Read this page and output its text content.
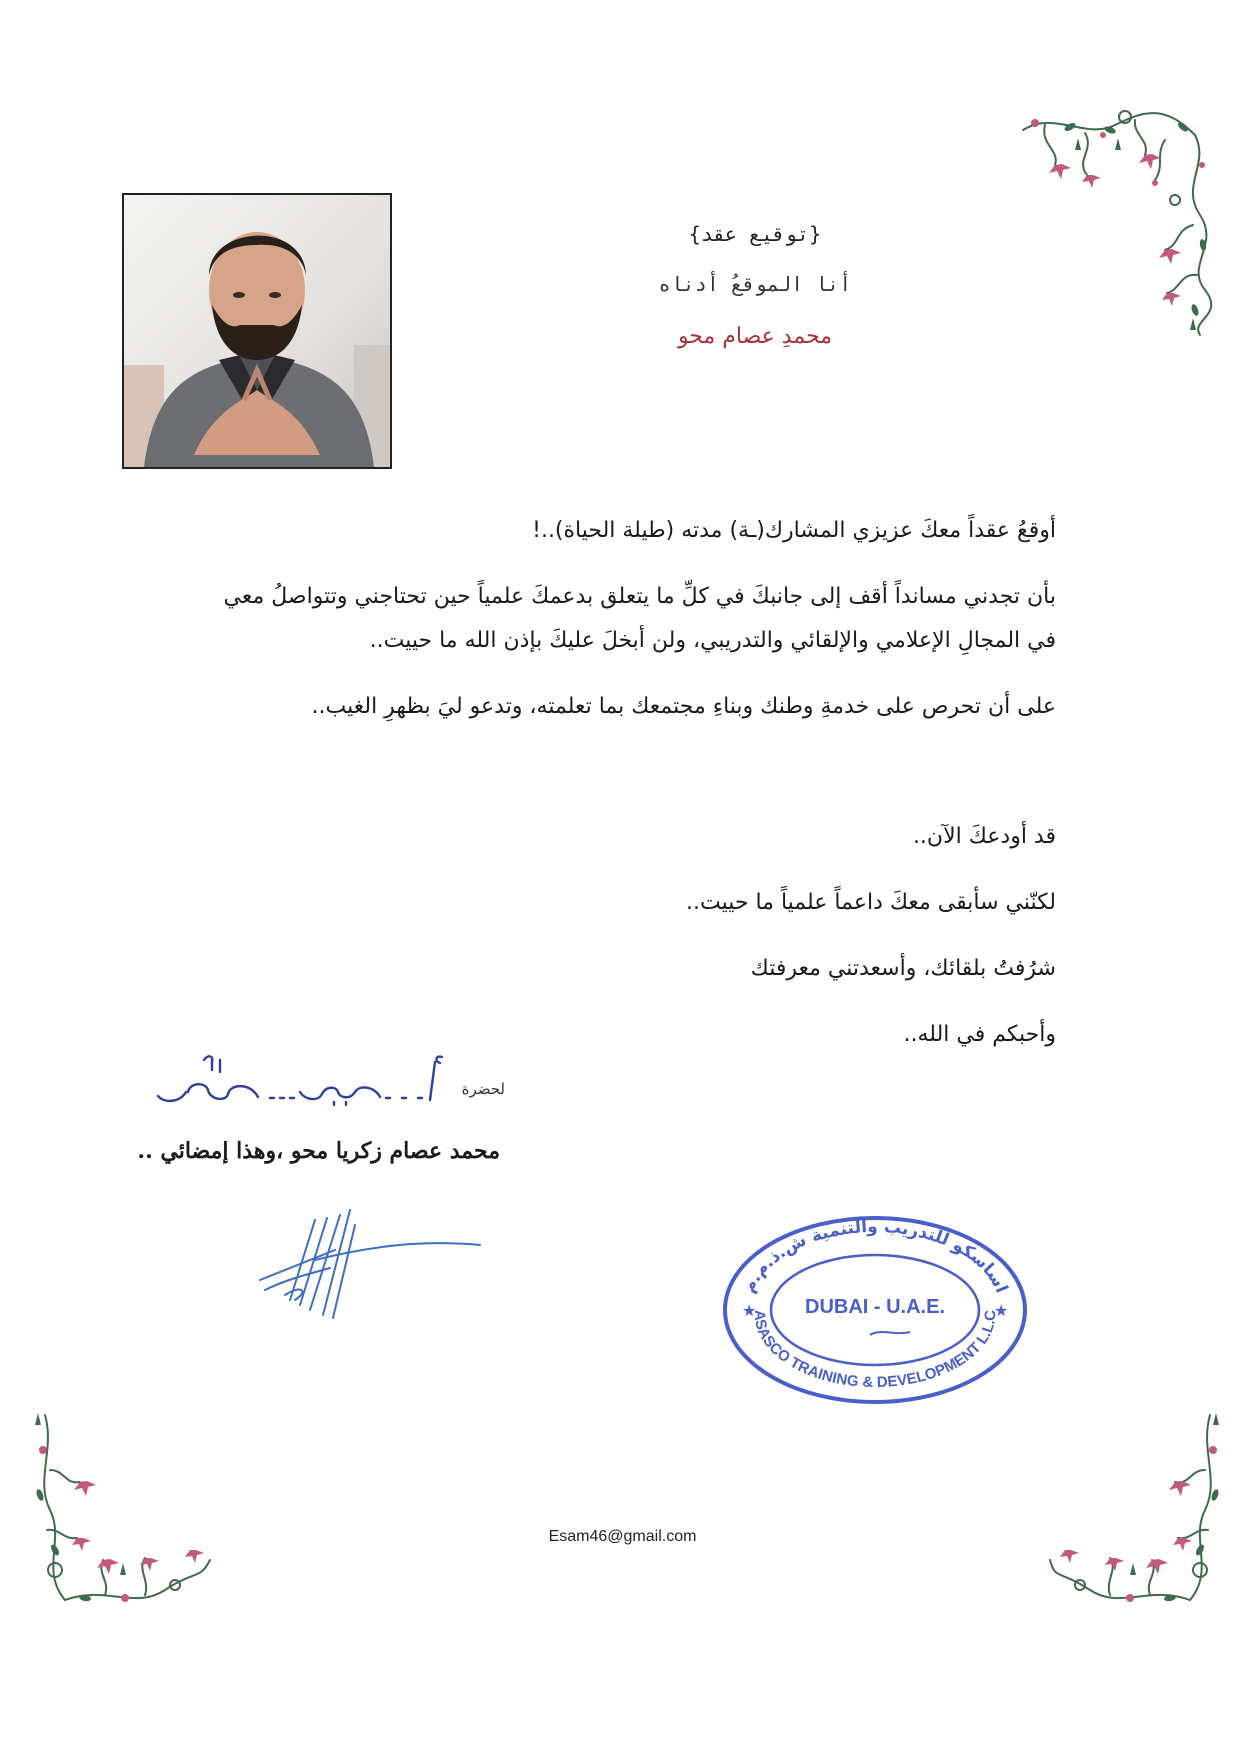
{توقيع عقد}
أنا الموقعُ أدناه
محمدِ عصام محو
أوقعُ عقداً معكَ عزيزي المشارك(ـة) مدته (طيلة الحياة)..!
بأن تجدني مسانداً أقف إلى جانبكَ في كلِّ ما يتعلق بدعمكَ علمياً حين تحتاجني وتتواصلُ معي
في المجالِ الإعلامي والإلقائي والتدريبي، ولن أبخلَ عليكَ بإذن الله ما حييت..
على أن تحرص على خدمةِ وطنك وبناءِ مجتمعك بما تعلمته، وتدعو ليَ بظهرِ الغيب..
قد أودعكَ الآن..
لكنّني سأبقى معكَ داعماً علمياً ما حييت..
شرُفتُ بلقائك، وأسعدتني معرفتك
وأحبكم في الله..
لحضرة
محمد عصام زكريا محو ،وهذا إمضائي ..
اساسكو للتدريب والتنمية ش.ذ.م.م
ASASCO TRAINING & DEVELOPMENT L.L.C
DUBAI - U.A.E.
★	★
Esam46@gmail.com
